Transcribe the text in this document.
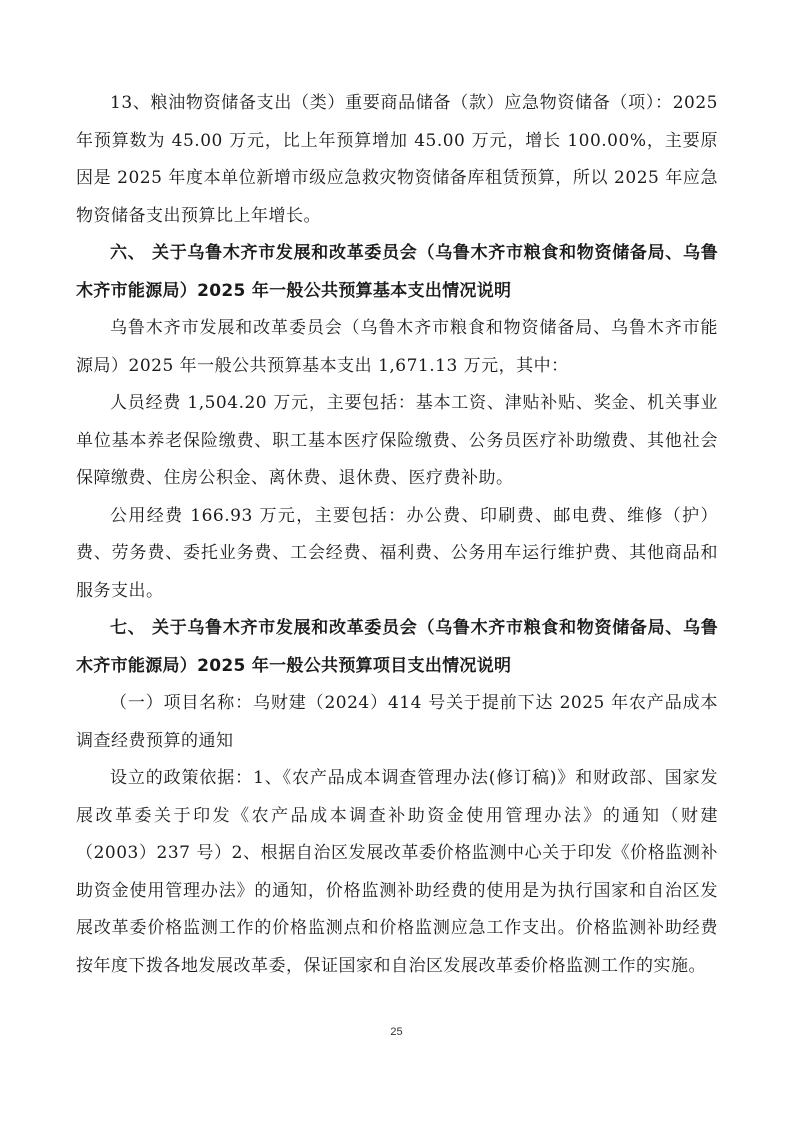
13、粮油物资储备支出（类）重要商品储备（款）应急物资储备（项）：2025 年预算数为 45.00 万元，比上年预算增加 45.00 万元，增长 100.00%，主要原因是 2025 年度本单位新增市级应急救灾物资储备库租赁预算，所以 2025 年应急物资储备支出预算比上年增长。

六、 关于乌鲁木齐市发展和改革委员会（乌鲁木齐市粮食和物资储备局、乌鲁木齐市能源局）2025 年一般公共预算基本支出情况说明

乌鲁木齐市发展和改革委员会（乌鲁木齐市粮食和物资储备局、乌鲁木齐市能源局）2025 年一般公共预算基本支出 1,671.13 万元，其中：

人员经费 1,504.20 万元，主要包括：基本工资、津贴补贴、奖金、机关事业单位基本养老保险缴费、职工基本医疗保险缴费、公务员医疗补助缴费、其他社会保障缴费、住房公积金、离休费、退休费、医疗费补助。

公用经费 166.93 万元，主要包括：办公费、印刷费、邮电费、维修（护）费、劳务费、委托业务费、工会经费、福利费、公务用车运行维护费、其他商品和服务支出。

七、 关于乌鲁木齐市发展和改革委员会（乌鲁木齐市粮食和物资储备局、乌鲁木齐市能源局）2025 年一般公共预算项目支出情况说明

（一）项目名称：乌财建（2024）414 号关于提前下达 2025 年农产品成本调查经费预算的通知

设立的政策依据：1、《农产品成本调查管理办法(修订稿)》和财政部、国家发展改革委关于印发《农产品成本调查补助资金使用管理办法》的通知（财建（2003）237 号）2、根据自治区发展改革委价格监测中心关于印发《价格监测补助资金使用管理办法》的通知，价格监测补助经费的使用是为执行国家和自治区发展改革委价格监测工作的价格监测点和价格监测应急工作支出。价格监测补助经费按年度下拨各地发展改革委，保证国家和自治区发展改革委价格监测工作的实施。

25
